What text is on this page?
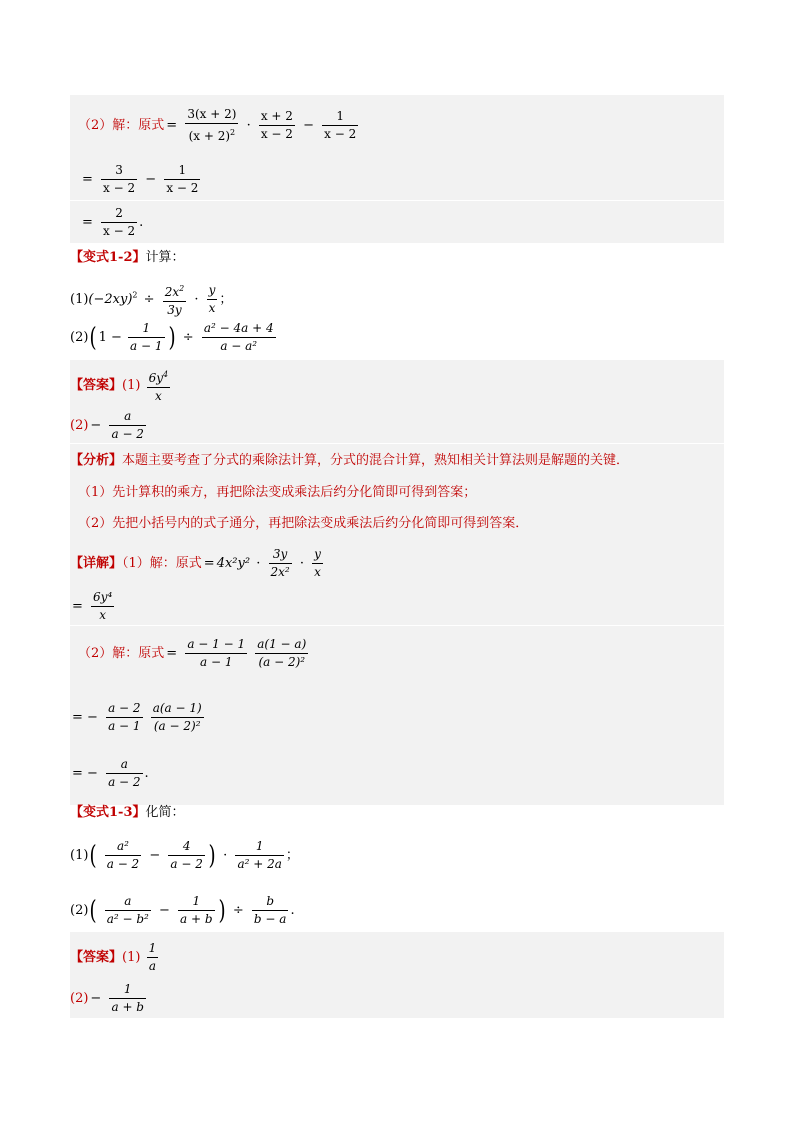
（2）解：原式 = $\frac{3(x + 2)}{(x + 2)^2} \cdot \frac{x + 2}{x - 2} - \frac{1}{x - 2}$
= $\frac{3}{x - 2} - \frac{1}{x - 2}$
= $\frac{2}{x - 2}$ .
【变式1-2】计算：
$(1)(-2xy)^2 \div \frac{2x^2}{3y} \cdot \frac{y}{x}$ ；
(2)( $1 - \frac{1}{a - 1}$ ) ÷ $\frac{\text{a² − 4a + 4}}{\text{a − a²}}$
【答案】$(1) \frac{6y^4}{x}$
$(2) - \frac{a}{a - 2}$
【分析】本题主要考查了分式的乘除法计算，分式的混合计算，熟知相关计算法则是解题的关键．
（1）先计算积的乘方，再把除法变成乘法后约分化简即可得到答案；
（2）先把小括号内的式子通分，再把除法变成乘法后约分化简即可得到答案．
【详解】（1）解：原式 = $4x^2y^2 \cdot \frac{3y}{\text{2x²}} \cdot \frac{y}{x}$
= $\frac{\text{6y⁴}}{x}$
（2）解：原式 = $\frac{a - 1 - 1}{a - 1}$
$\frac{a(1 - a)}{\text{(a − 2)²}}$
= − $\frac{a - 2}{a - 1}$
$\frac{a(a - 1)}{\text{(a − 2)²}}$
= − $\frac{a}{a - 2}$ .
【变式1-3】化简：
$(1)( \frac{\text{a²}}{a - 2} - \frac{4}{a - 2}$ ) · $\frac{1}{\text{a² + 2a}}$ ；
$(2)( \frac{a}{\text{a² − b²}} - \frac{1}{a + b}$ ) ÷ $\frac{b}{b - a}$ .
【答案】$(1) \frac{1}{a}$
$(2) - \frac{1}{a + b}$
